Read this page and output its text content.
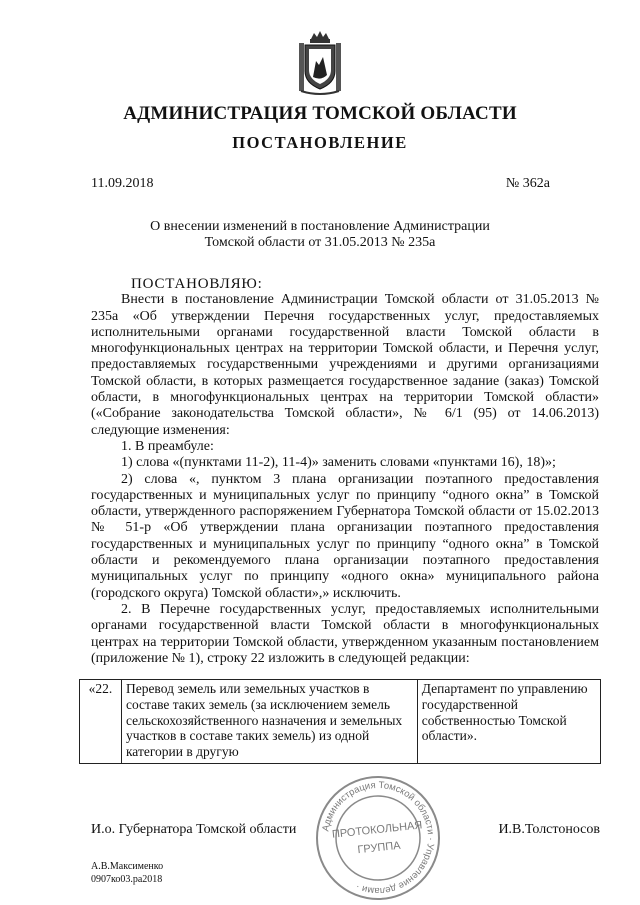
АДМИНИСТРАЦИЯ ТОМСКОЙ ОБЛАСТИ
ПОСТАНОВЛЕНИЕ
11.09.2018	№ 362а
О внесении изменений в постановление Администрации
Томской области от 31.05.2013 № 235а

ПОСТАНОВЛЯЮ:

Внести в постановление Администрации Томской области от 31.05.2013 № 235а «Об утверждении Перечня государственных услуг, предоставляемых исполнительными органами государственной власти Томской области в многофункциональных центрах на территории Томской области, и Перечня услуг, предоставляемых государственными учреждениями и другими организациями Томской области, в которых размещается государственное задание (заказ) Томской области, в многофункциональных центрах на территории Томской области» («Собрание законодательства Томской области», № 6/1 (95) от 14.06.2013) следующие изменения:

1. В преамбуле:

1) слова «(пунктами 11-2), 11-4)» заменить словами «пунктами 16), 18)»;

2) слова «, пунктом 3 плана организации поэтапного предоставления государственных и муниципальных услуг по принципу “одного окна” в Томской области, утвержденного распоряжением Губернатора Томской области от 15.02.2013 № 51-р «Об утверждении плана организации поэтапного предоставления государственных и муниципальных услуг по принципу “одного окна” в Томской области и рекомендуемого плана организации поэтапного предоставления муниципальных услуг по принципу «одного окна» муниципального района (городского округа) Томской области»,» исключить.

2. В Перечне государственных услуг, предоставляемых исполнительными органами государственной власти Томской области в многофункциональных центрах на территории Томской области, утвержденном указанным постановлением (приложение № 1), строку 22 изложить в следующей редакции:

«22.	Перевод земель или земельных участков в составе таких земель (за исключением земель сельскохозяйственного назначения и земельных участков в составе таких земель) из одной категории в другую	Департамент по управлению государственной собственностью Томской области».
И.о. Губернатора Томской области	И.В.Толстоносов
Администрация Томской области · Управление делами ·
ПРОТОКОЛЬНАЯ
ГРУППА
А.В.Максименко
0907ко03.ра2018
